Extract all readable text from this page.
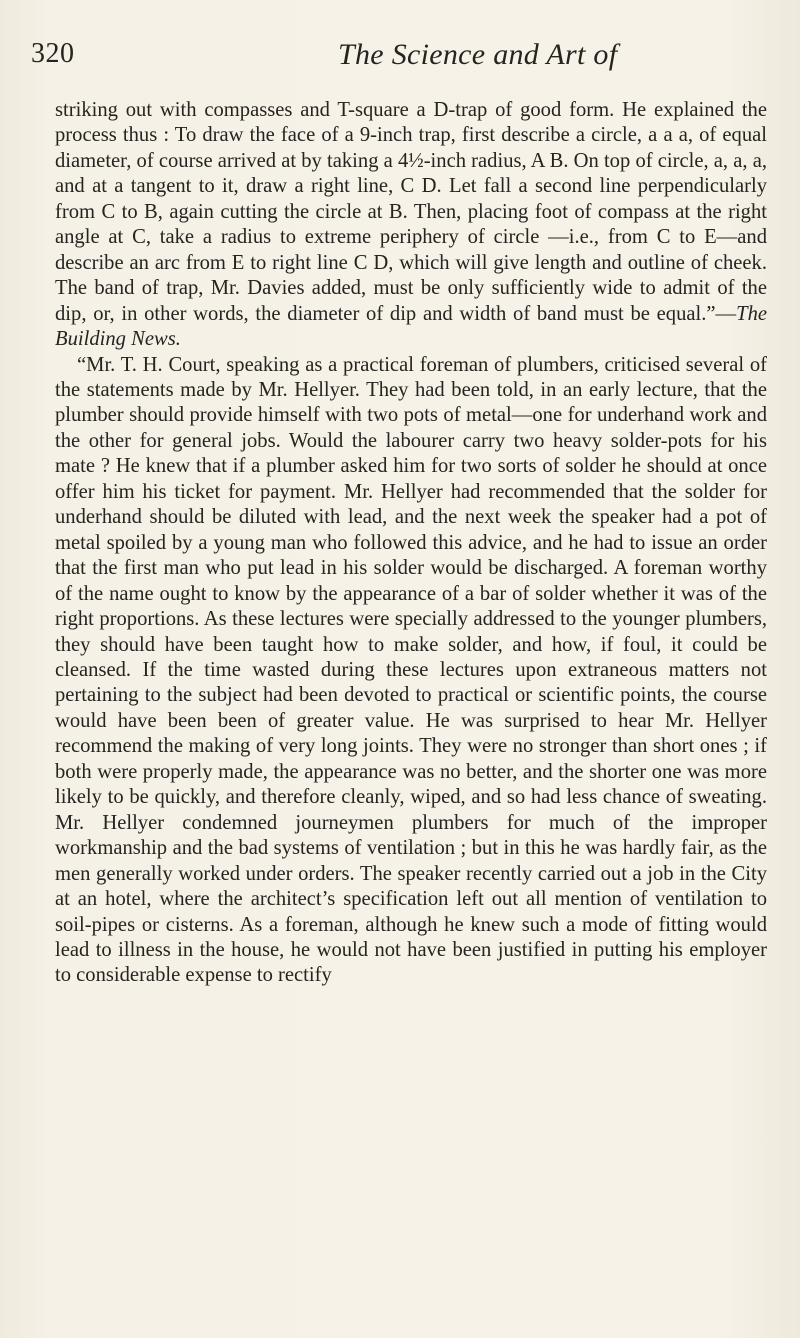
320	The Science and Art of

striking out with compasses and T-square a D-trap of good form. He explained the process thus : To draw the face of a 9-inch trap, first describe a circle, a a a, of equal diameter, of course arrived at by taking a 4½-inch radius, A B. On top of circle, a, a, a, and at a tangent to it, draw a right line, C D. Let fall a second line perpendicularly from C to B, again cutting the circle at B. Then, placing foot of compass at the right angle at C, take a radius to extreme periphery of circle —i.e., from C to E—and describe an arc from E to right line C D, which will give length and outline of cheek. The band of trap, Mr. Davies added, must be only sufficiently wide to admit of the dip, or, in other words, the diameter of dip and width of band must be equal.”—The Building News.

“Mr. T. H. Court, speaking as a practical foreman of plumbers, criticised several of the statements made by Mr. Hellyer. They had been told, in an early lecture, that the plumber should provide himself with two pots of metal—one for underhand work and the other for general jobs. Would the labourer carry two heavy solder-pots for his mate ? He knew that if a plumber asked him for two sorts of solder he should at once offer him his ticket for payment. Mr. Hellyer had recommended that the solder for underhand should be diluted with lead, and the next week the speaker had a pot of metal spoiled by a young man who followed this advice, and he had to issue an order that the first man who put lead in his solder would be discharged. A foreman worthy of the name ought to know by the appearance of a bar of solder whether it was of the right proportions. As these lectures were specially addressed to the younger plumbers, they should have been taught how to make solder, and how, if foul, it could be cleansed. If the time wasted during these lectures upon extraneous matters not pertaining to the subject had been devoted to practical or scientific points, the course would have been been of greater value. He was surprised to hear Mr. Hellyer recommend the making of very long joints. They were no stronger than short ones ; if both were properly made, the appearance was no better, and the shorter one was more likely to be quickly, and therefore cleanly, wiped, and so had less chance of sweating. Mr. Hellyer condemned journeymen plumbers for much of the improper workmanship and the bad systems of ventilation ; but in this he was hardly fair, as the men generally worked under orders. The speaker recently carried out a job in the City at an hotel, where the architect’s specification left out all mention of ventilation to soil-pipes or cisterns. As a foreman, although he knew such a mode of fitting would lead to illness in the house, he would not have been justified in putting his employer to considerable expense to rectify
